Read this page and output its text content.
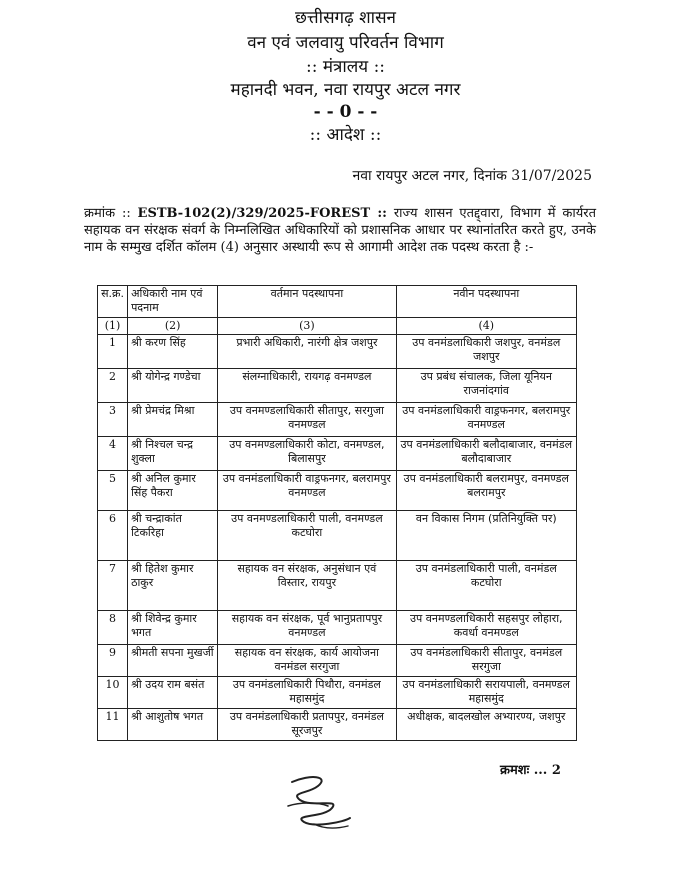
छत्तीसगढ़ शासन
वन एवं जलवायु परिवर्तन विभाग
:: मंत्रालय ::
महानदी भवन, नवा रायपुर अटल नगर
- - 0 - -
:: आदेश ::
नवा रायपुर अटल नगर, दिनांक 31/07/2025
क्रमांक :: ESTB-102(2)/329/2025-FOREST :: राज्य शासन एतद्द्वारा, विभाग में कार्यरत सहायक वन संरक्षक संवर्ग के निम्नलिखित अधिकारियों को प्रशासनिक आधार पर स्थानांतरित करते हुए, उनके नाम के सम्मुख दर्शित कॉलम (4) अनुसार अस्थायी रूप से आगामी आदेश तक पदस्थ करता है :-
स.क्र.	अधिकारी नाम एवं पदनाम	वर्तमान पदस्थापना	नवीन पदस्थापना
(1)	(2)	(3)	(4)
1	श्री करण सिंह	प्रभारी अधिकारी, नारंगी क्षेत्र जशपुर	उप वनमंडलाधिकारी जशपुर, वनमंडल जशपुर
2	श्री योगेन्द्र गण्डेचा	संलग्नाधिकारी, रायगढ़ वनमण्डल	उप प्रबंध संचालक, जिला यूनियन राजनांदगांव
3	श्री प्रेमचंद्र मिश्रा	उप वनमण्डलाधिकारी सीतापुर, सरगुजा वनमण्डल	उप वनमंडलाधिकारी वाड्रफनगर, बलरामपुर वनमण्डल
4	श्री निश्चल चन्द्र शुक्ला	उप वनमण्डलाधिकारी कोटा, वनमण्डल, बिलासपुर	उप वनमंडलाधिकारी बलौदाबाजार, वनमंडल बलौदाबाजार
5	श्री अनिल कुमार सिंह पैकरा	उप वनमंडलाधिकारी वाड्रफनगर, बलरामपुर वनमण्डल	उप वनमंडलाधिकारी बलरामपुर, वनमण्डल बलरामपुर
6	श्री चन्द्राकांत टिकरिहा	उप वनमण्डलाधिकारी पाली, वनमण्डल कटघोरा	वन विकास निगम (प्रतिनियुक्ति पर)
7	श्री हितेश कुमार ठाकुर	सहायक वन संरक्षक, अनुसंधान एवं विस्तार, रायपुर	उप वनमंडलाधिकारी पाली, वनमंडल कटघोरा
8	श्री शिवेन्द्र कुमार भगत	सहायक वन संरक्षक, पूर्व भानुप्रतापपुर वनमण्डल	उप वनमण्डलाधिकारी सहसपुर लोहारा, कवर्धा वनमण्डल
9	श्रीमती सपना मुखर्जी	सहायक वन संरक्षक, कार्य आयोजना वनमंडल सरगुजा	उप वनमंडलाधिकारी सीतापुर, वनमंडल सरगुजा
10	श्री उदय राम बसंत	उप वनमंडलाधिकारी पिथौरा, वनमंडल महासमुंद	उप वनमंडलाधिकारी सरायपाली, वनमण्डल महासमुंद
11	श्री आशुतोष भगत	उप वनमंडलाधिकारी प्रतापपुर, वनमंडल सूरजपुर	अधीक्षक, बादलखोल अभ्यारण्य, जशपुर
क्रमशः ... 2
